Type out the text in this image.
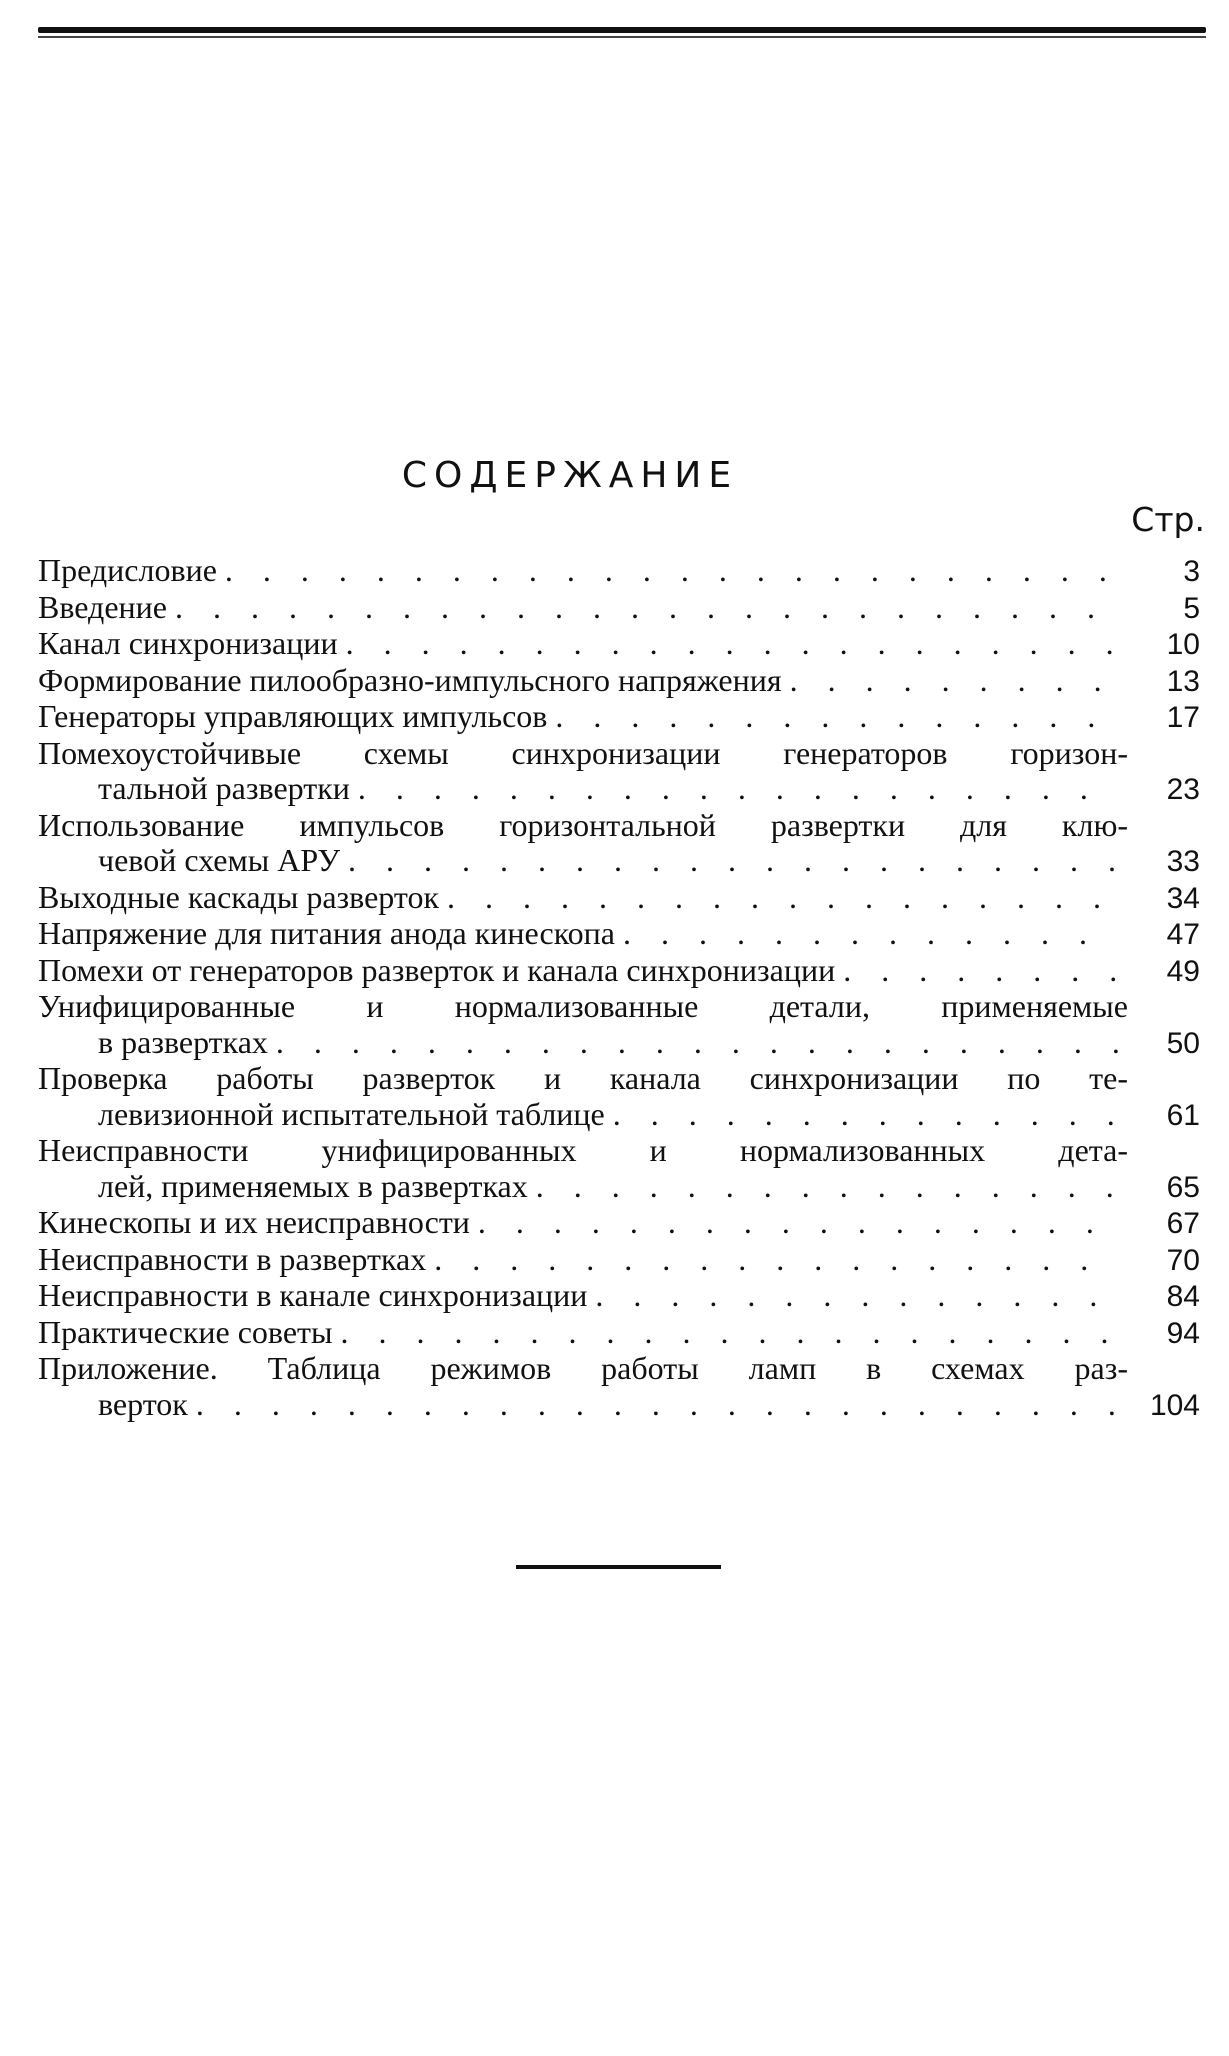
СОДЕРЖАНИЕ
Стр.
Предисловие . . .	3
Введение . . .	5
Канал синхронизации . . .	10
Формирование пилообразно-импульсного напряжения . . .	13
Генераторы управляющих импульсов . . .	17
Помехоустойчивые схемы синхронизации генераторов горизон-
тальной развертки . . .	23
Использование импульсов горизонтальной развертки для клю-
чевой схемы АРУ . . .	33
Выходные каскады разверток . . .	34
Напряжение для питания анода кинескопа . . .	47
Помехи от генераторов разверток и канала синхронизации . . .	49
Унифицированные и нормализованные детали, применяемые
в развертках . . .	50
Проверка работы разверток и канала синхронизации по те-
левизионной испытательной таблице . . .	61
Неисправности унифицированных и нормализованных дета-
лей, применяемых в развертках . . .	65
Кинескопы и их неисправности . . .	67
Неисправности в развертках . . .	70
Неисправности в канале синхронизации . . .	84
Практические советы . . .	94
Приложение. Таблица режимов работы ламп в схемах раз-
верток . . .	104
